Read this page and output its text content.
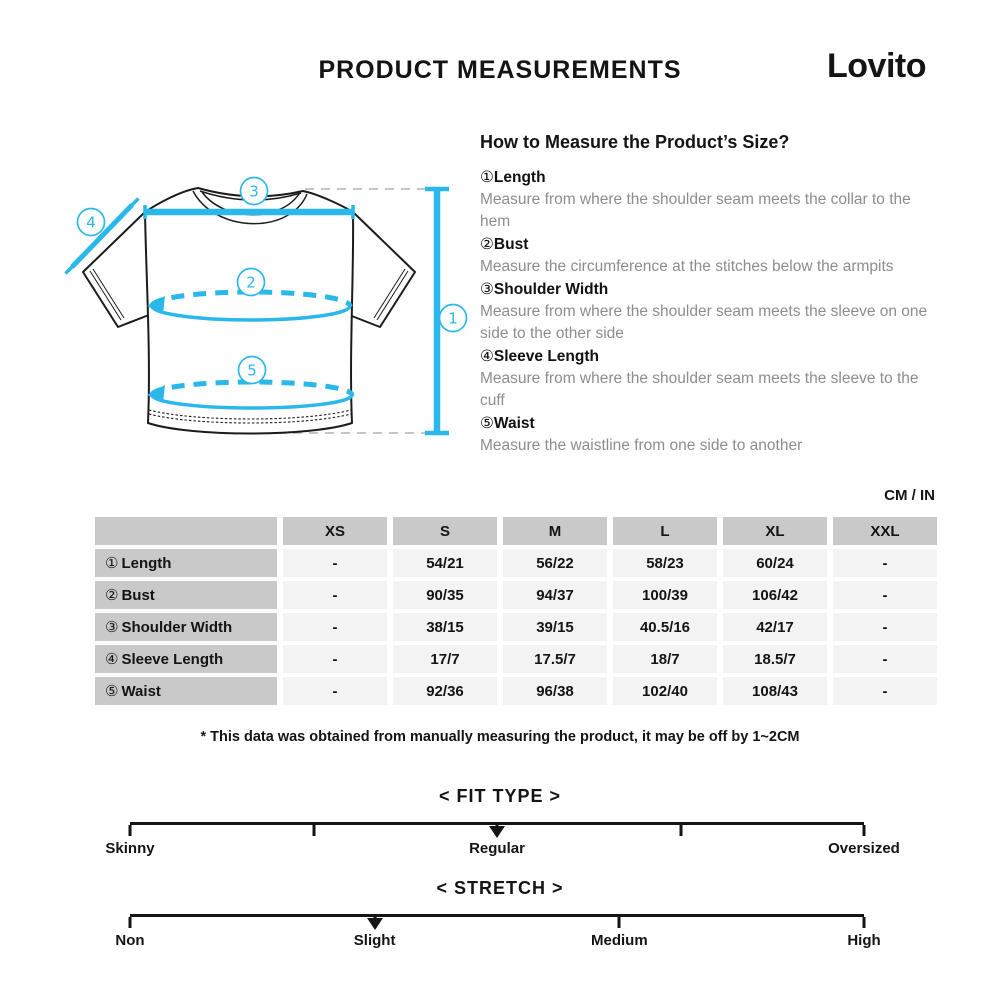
PRODUCT MEASUREMENTS	Lovito
3
4
2
5
1
How to Measure the Product’s Size?
①Length
Measure from where the shoulder seam meets the collar to the hem
②Bust
Measure the circumference at the stitches below the armpits
③Shoulder Width
Measure from where the shoulder seam meets the sleeve on one side to the other side
④Sleeve Length
Measure from where the shoulder seam meets the sleeve to the cuff
⑤Waist
Measure the waistline from one side to another
CM / IN
	XS	S	M	L	XL	XXL
① Length	-	54/21	56/22	58/23	60/24	-
② Bust	-	90/35	94/37	100/39	106/42	-
③ Shoulder Width	-	38/15	39/15	40.5/16	42/17	-
④ Sleeve Length	-	17/7	17.5/7	18/7	18.5/7	-
⑤ Waist	-	92/36	96/38	102/40	108/43	-
* This data was obtained from manually measuring the product, it may be off by 1~2CM
< FIT TYPE >
Skinny	Regular	Oversized
< STRETCH >
Non	Slight	Medium	High
